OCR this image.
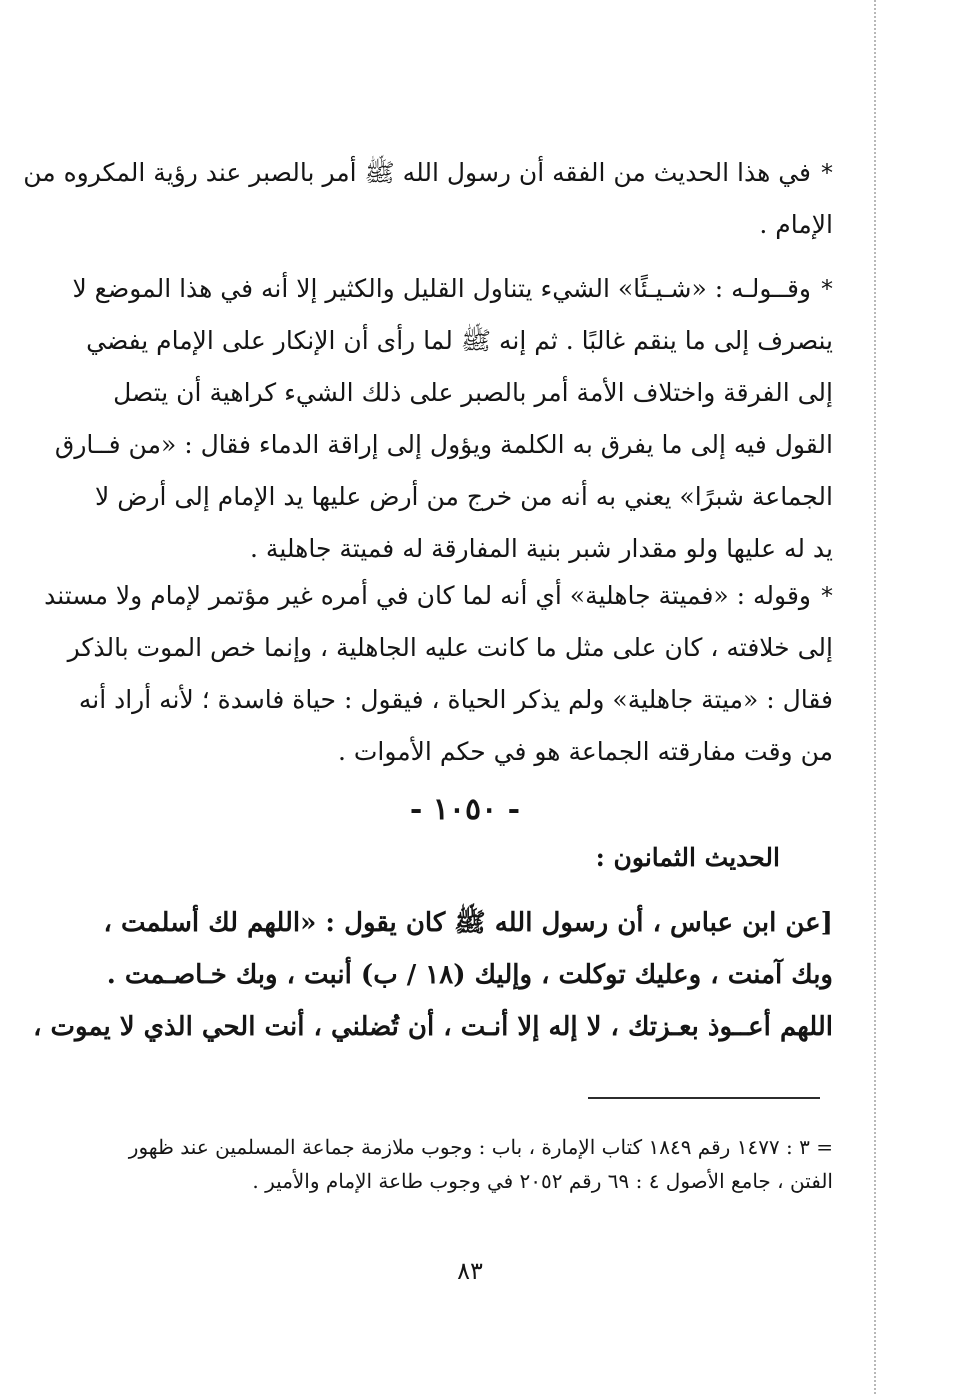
*في هذا الحديث من الفقه أن رسول الله ﷺ أمر بالصبر عند رؤية المكروه من
الإمام .
*وقــولـه : «شـيـئًا» الشيء يتناول القليل والكثير إلا أنه في هذا الموضع لا
ينصرف إلى ما ينقم غالبًا . ثم إنه ﷺ لما رأى أن الإنكار على الإمام يفضي
إلى الفرقة واختلاف الأمة أمر بالصبر على ذلك الشيء كراهية أن يتصل
القول فيه إلى ما يفرق به الكلمة ويؤول إلى إراقة الدماء فقال : «من فــارق
الجماعة شبرًا» يعني به أنه من خرج من أرض عليها يد الإمام إلى أرض لا
يد له عليها ولو مقدار شبر بنية المفارقة له فميتة جاهلية .
*وقوله : «فميتة جاهلية» أي أنه لما كان في أمره غير مؤتمر لإمام ولا مستند
إلى خلافته ، كان على مثل ما كانت عليه الجاهلية ، وإنما خص الموت بالذكر
فقال : «ميتة جاهلية» ولم يذكر الحياة ، فيقول : حياة فاسدة ؛ لأنه أراد أنه
من وقت مفارقته الجماعة هو في حكم الأموات .
- ١٠٥٠ -
الحديث الثمانون :
[عن ابن عباس ، أن رسول الله ﷺ كان يقول : «اللهم لك أسلمت ،
وبك آمنت ، وعليك توكلت ، وإليك (١٨ / ب) أنبت ، وبك خـاصـمت .
اللهم أعــوذ بعـزتك ، لا إله إلا أنـت ، أن تُضلني ، أنت الحي الذي لا يموت ،
= ٣ : ١٤٧٧ رقم ١٨٤٩ كتاب الإمارة ، باب : وجوب ملازمة جماعة المسلمين عند ظهور
الفتن ، جامع الأصول ٤ : ٦٩ رقم ٢٠٥٢ في وجوب طاعة الإمام والأمير .
٨٣
